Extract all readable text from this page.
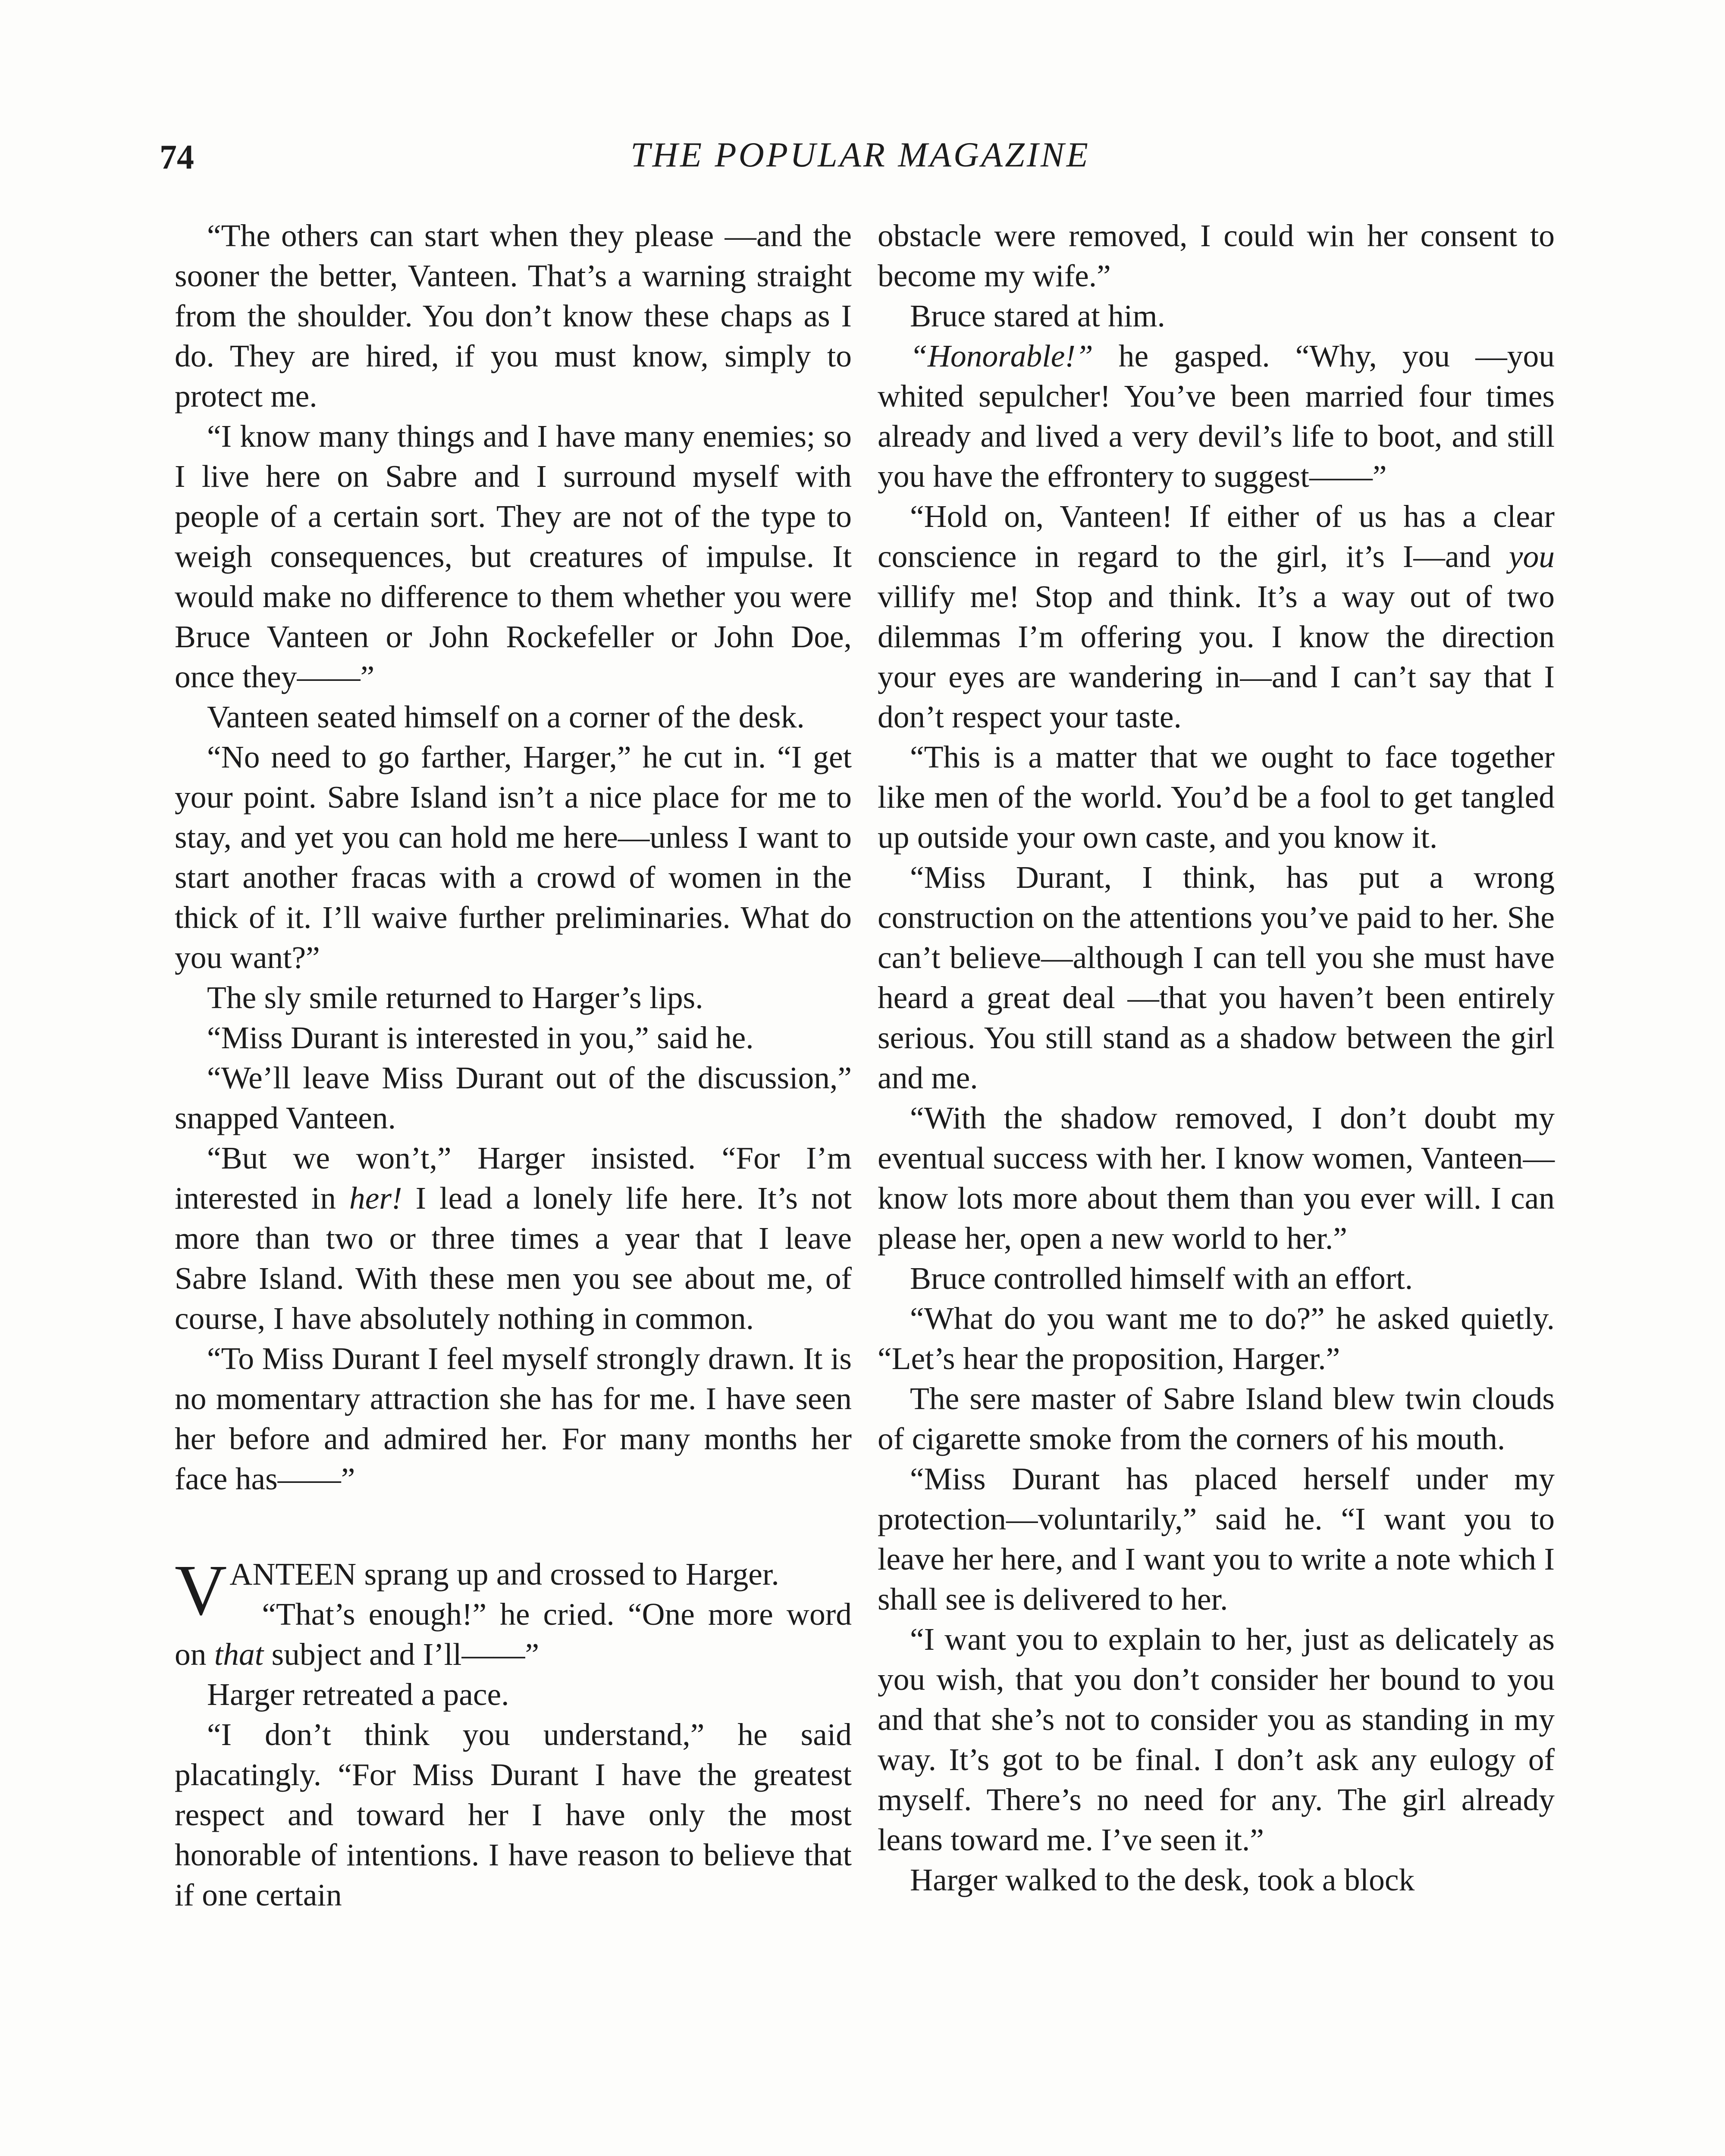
74	THE POPULAR MAGAZINE

“The others can start when they please —and the sooner the better, Vanteen. That’s a warning straight from the shoulder. You don’t know these chaps as I do. They are hired, if you must know, simply to protect me.

“I know many things and I have many enemies; so I live here on Sabre and I surround myself with people of a certain sort. They are not of the type to weigh consequences, but creatures of impulse. It would make no difference to them whether you were Bruce Vanteen or John Rockefeller or John Doe, once they——”

Vanteen seated himself on a corner of the desk.

“No need to go farther, Harger,” he cut in. “I get your point. Sabre Island isn’t a nice place for me to stay, and yet you can hold me here—unless I want to start another fracas with a crowd of women in the thick of it. I’ll waive further preliminaries. What do you want?”

The sly smile returned to Harger’s lips.

“Miss Durant is interested in you,” said he.

“We’ll leave Miss Durant out of the discussion,” snapped Vanteen.

“But we won’t,” Harger insisted. “For I’m interested in her! I lead a lonely life here. It’s not more than two or three times a year that I leave Sabre Island. With these men you see about me, of course, I have absolutely nothing in common.

“To Miss Durant I feel myself strongly drawn. It is no momentary attraction she has for me. I have seen her before and admired her. For many months her face has——”

VANTEEN sprang up and crossed to Harger.

“That’s enough!” he cried. “One more word on that subject and I’ll——”

Harger retreated a pace.

“I don’t think you understand,” he said placatingly. “For Miss Durant I have the greatest respect and toward her I have only the most honorable of intentions. I have reason to believe that if one certain

obstacle were removed, I could win her consent to become my wife.”

Bruce stared at him.

“Honorable!” he gasped. “Why, you —you whited sepulcher! You’ve been married four times already and lived a very devil’s life to boot, and still you have the effrontery to suggest——”

“Hold on, Vanteen! If either of us has a clear conscience in regard to the girl, it’s I—and you villify me! Stop and think. It’s a way out of two dilemmas I’m offering you. I know the direction your eyes are wandering in—and I can’t say that I don’t respect your taste.

“This is a matter that we ought to face together like men of the world. You’d be a fool to get tangled up outside your own caste, and you know it.

“Miss Durant, I think, has put a wrong construction on the attentions you’ve paid to her. She can’t believe—although I can tell you she must have heard a great deal —that you haven’t been entirely serious. You still stand as a shadow between the girl and me.

“With the shadow removed, I don’t doubt my eventual success with her. I know women, Vanteen—know lots more about them than you ever will. I can please her, open a new world to her.”

Bruce controlled himself with an effort.

“What do you want me to do?” he asked quietly. “Let’s hear the proposition, Harger.”

The sere master of Sabre Island blew twin clouds of cigarette smoke from the corners of his mouth.

“Miss Durant has placed herself under my protection—voluntarily,” said he. “I want you to leave her here, and I want you to write a note which I shall see is delivered to her.

“I want you to explain to her, just as delicately as you wish, that you don’t consider her bound to you and that she’s not to consider you as standing in my way. It’s got to be final. I don’t ask any eulogy of myself. There’s no need for any. The girl already leans toward me. I’ve seen it.”

Harger walked to the desk, took a block
